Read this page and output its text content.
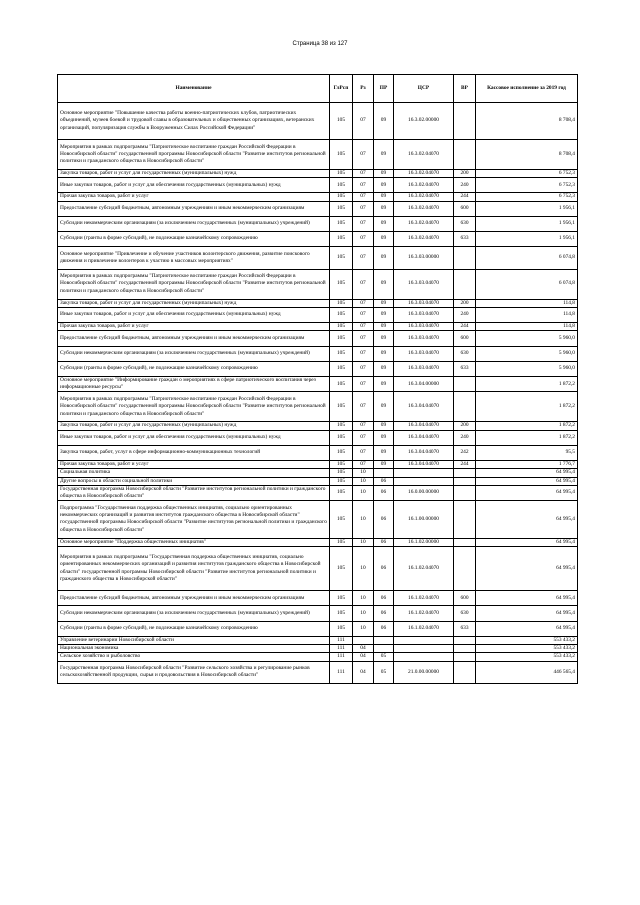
Страница 38 из 127
Наименование	ГлРсп	Рз	ПР	ЦСР	ВР	Кассовое исполнение за 2019 год
Основное мероприятие "Повышение качества работы военно-патриотических клубов, патриотических объединений, музеев боевой и трудовой славы в образовательных и общественных организациях, ветеранских организаций, популяризация службы в Вооруженных Силах Российской Федерации"	105	07	09	16.3.02.00000		8 708,4
Мероприятия в рамках подпрограммы "Патриотическое воспитание граждан Российской Федерации в Новосибирской области" государственной программы Новосибирской области "Развитие институтов региональной политики и гражданского общества в Новосибирской области"	105	07	09	16.3.02.04070		8 708,4
Закупка товаров, работ и услуг для государственных (муниципальных) нужд	105	07	09	16.3.02.04070	200	6 752,3
Иные закупки товаров, работ и услуг для обеспечения государственных (муниципальных) нужд	105	07	09	16.3.02.04070	240	6 752,3
Прочая закупка товаров, работ и услуг	105	07	09	16.3.02.04070	244	6 752,3
Предоставление субсидий бюджетным, автономным учреждениям и иным некоммерческим организациям	105	07	09	16.3.02.04070	600	1 956,1
Субсидии некоммерческим организациям (за исключением государственных (муниципальных) учреждений)	105	07	09	16.3.02.04070	630	1 956,1
Субсидии (гранты в форме субсидий), не подлежащие казначейскому сопровождению	105	07	09	16.3.02.04070	633	1 956,1
Основное мероприятие "Привлечение и обучение участников волонтерского движения, развитие поискового движения и привлечение волонтеров к участию в массовых мероприятиях"	105	07	09	16.3.03.00000		6 074,8
Мероприятия в рамках подпрограммы "Патриотическое воспитание граждан Российской Федерации в Новосибирской области" государственной программы Новосибирской области "Развитие институтов региональной политики и гражданского общества в Новосибирской области"	105	07	09	16.3.03.04070		6 074,8
Закупка товаров, работ и услуг для государственных (муниципальных) нужд	105	07	09	16.3.03.04070	200	114,8
Иные закупки товаров, работ и услуг для обеспечения государственных (муниципальных) нужд	105	07	09	16.3.03.04070	240	114,8
Прочая закупка товаров, работ и услуг	105	07	09	16.3.03.04070	244	114,8
Предоставление субсидий бюджетным, автономным учреждениям и иным некоммерческим организациям	105	07	09	16.3.03.04070	600	5 960,0
Субсидии некоммерческим организациям (за исключением государственных (муниципальных) учреждений)	105	07	09	16.3.03.04070	630	5 960,0
Субсидии (гранты в форме субсидий), не подлежащие казначейскому сопровождению	105	07	09	16.3.03.04070	633	5 960,0
Основное мероприятие "Информирование граждан о мероприятиях в сфере патриотического воспитания через информационные ресурсы"	105	07	09	16.3.04.00000		1 872,2
Мероприятия в рамках подпрограммы "Патриотическое воспитание граждан Российской Федерации в Новосибирской области" государственной программы Новосибирской области "Развитие институтов региональной политики и гражданского общества в Новосибирской области"	105	07	09	16.3.04.04070		1 872,2
Закупка товаров, работ и услуг для государственных (муниципальных) нужд	105	07	09	16.3.04.04070	200	1 872,2
Иные закупки товаров, работ и услуг для обеспечения государственных (муниципальных) нужд	105	07	09	16.3.04.04070	240	1 872,2
Закупка товаров, работ, услуг в сфере информационно-коммуникационных технологий	105	07	09	16.3.04.04070	242	95,5
Прочая закупка товаров, работ и услуг	105	07	09	16.3.04.04070	244	1 776,7
Социальная политика	105	10				64 995,4
Другие вопросы в области социальной политики	105	10	06			64 995,4
Государственная программа Новосибирской области "Развитие институтов региональной политики и гражданского общества в Новосибирской области"	105	10	06	16.0.00.00000		64 995,4
Подпрограмма "Государственная поддержка общественных инициатив, социально ориентированных некоммерческих организаций и развития институтов гражданского общества в Новосибирской области" государственной программы Новосибирской области "Развитие институтов региональной политики и гражданского общества в Новосибирской области"	105	10	06	16.1.00.00000		64 995,4
Основное мероприятие "Поддержка общественных инициатив"	105	10	06	16.1.02.00000		64 995,4
Мероприятия в рамках подпрограммы "Государственная поддержка общественных инициатив, социально ориентированных некоммерческих организаций и развития институтов гражданского общества в Новосибирской области" государственной программы Новосибирской области "Развитие институтов региональной политики и гражданского общества в Новосибирской области"	105	10	06	16.1.02.04070		64 995,4
Предоставление субсидий бюджетным, автономным учреждениям и иным некоммерческим организациям	105	10	06	16.1.02.04070	600	64 995,4
Субсидии некоммерческим организациям (за исключением государственных (муниципальных) учреждений)	105	10	06	16.1.02.04070	630	64 995,4
Субсидии (гранты в форме субсидий), не подлежащие казначейскому сопровождению	105	10	06	16.1.02.04070	633	64 995,4
Управление ветеринарии Новосибирской области	111					553 433,2
Национальная экономика	111	04				553 433,2
Сельское хозяйство и рыболовство	111	04	05			553 433,2
Государственная программа Новосибирской области "Развитие сельского хозяйства и регулирование рынков сельскохозяйственной продукции, сырья и продовольствия в Новосибирской области"	111	04	05	21.0.00.00000		446 565,4
